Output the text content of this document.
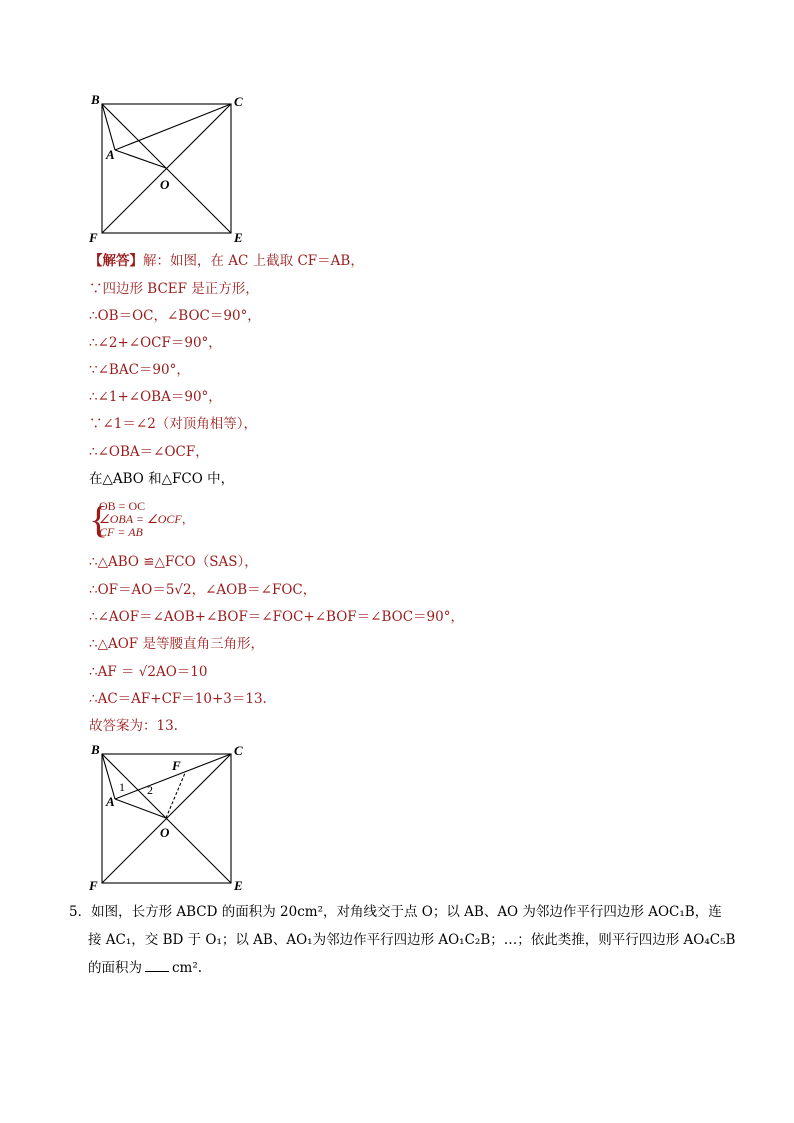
B	C
A
O
F	E
【解答】解：如图，在 AC 上截取 CF＝AB，
∵四边形 BCEF 是正方形，
∴OB＝OC，∠BOC＝90°，
∴∠2+∠OCF＝90°，
∵∠BAC＝90°，
∴∠1+∠OBA＝90°，
∵∠1＝∠2（对顶角相等），
∴∠OBA＝∠OCF，
在△ABO 和△FCO 中，
{
OB = OC
∠OBA = ∠OCF，
CF = AB
∴△ABO ≌△FCO（SAS），
∴OF＝AO＝5√2，∠AOB＝∠FOC，
∴∠AOF＝∠AOB+∠BOF＝∠FOC+∠BOF＝∠BOC＝90°，
∴△AOF 是等腰直角三角形，
∴AF ＝ √2AO＝10
∴AC＝AF+CF＝10+3＝13.
故答案为：13.
B	C
A
O
F	E
F
1 2
5．如图，长方形 ABCD 的面积为 20cm²，对角线交于点 O；以 AB、AO 为邻边作平行四边形 AOC₁B，连
接 AC₁，交 BD 于 O₁；以 AB、AO₁为邻边作平行四边形 AO₁C₂B；…；依此类推，则平行四边形 AO₄C₅B
的面积为 cm².
